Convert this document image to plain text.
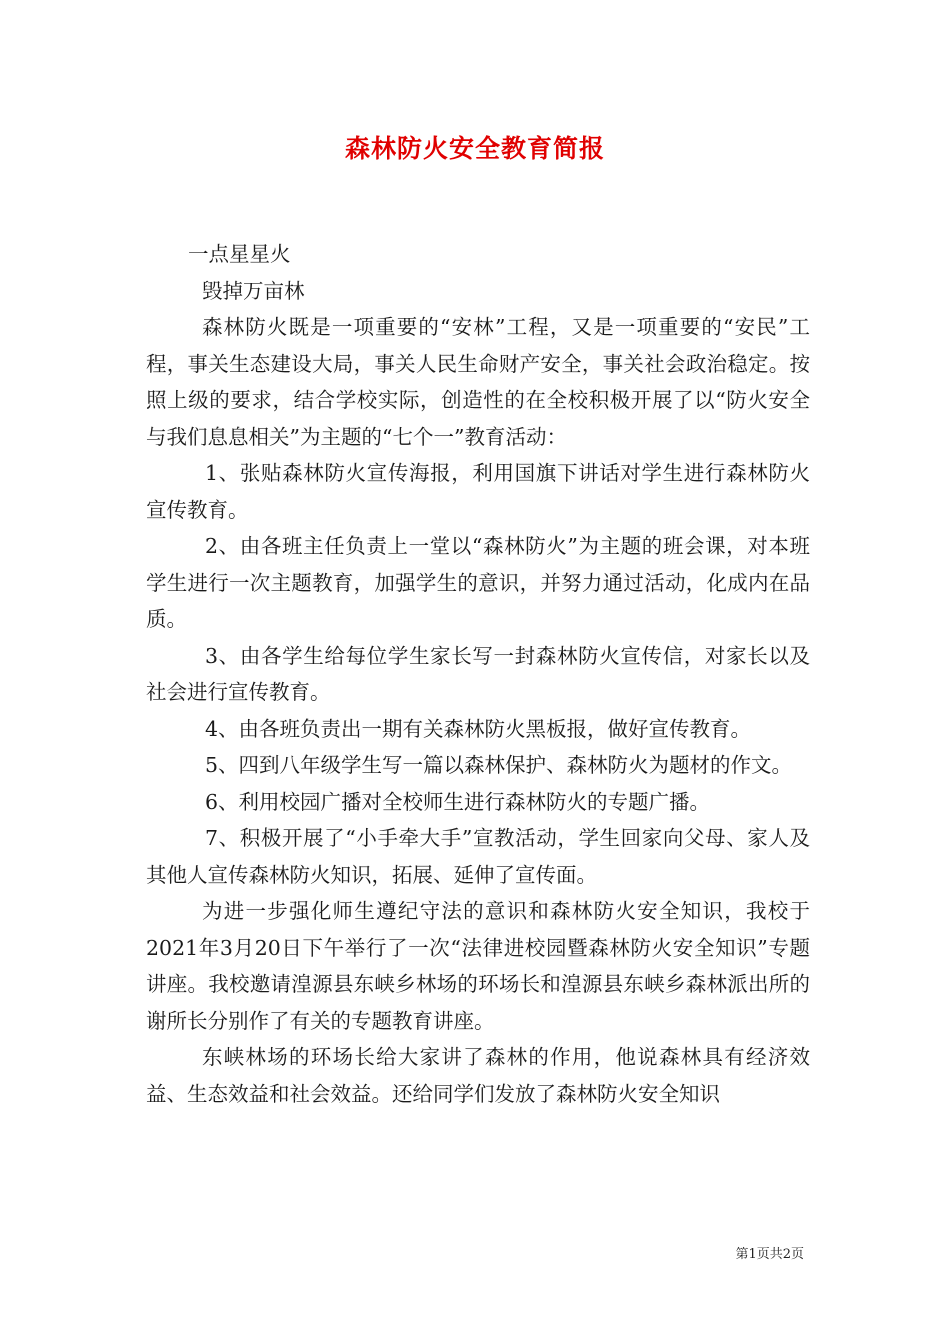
森林防火安全教育简报

一点星星火

毁掉万亩林

森林防火既是一项重要的“安林”工程，又是一项重要的“安民”工程，事关生态建设大局，事关人民生命财产安全，事关社会政治稳定。按照上级的要求，结合学校实际，创造性的在全校积极开展了以“防火安全与我们息息相关”为主题的“七个一”教育活动：

1、张贴森林防火宣传海报，利用国旗下讲话对学生进行森林防火宣传教育。

2、由各班主任负责上一堂以“森林防火”为主题的班会课，对本班学生进行一次主题教育，加强学生的意识，并努力通过活动，化成内在品质。

3、由各学生给每位学生家长写一封森林防火宣传信，对家长以及社会进行宣传教育。

4、由各班负责出一期有关森林防火黑板报，做好宣传教育。

5、四到八年级学生写一篇以森林保护、森林防火为题材的作文。

6、利用校园广播对全校师生进行森林防火的专题广播。

7、积极开展了“小手牵大手”宣教活动，学生回家向父母、家人及其他人宣传森林防火知识，拓展、延伸了宣传面。

为进一步强化师生遵纪守法的意识和森林防火安全知识，我校于2021年3月20日下午举行了一次“法律进校园暨森林防火安全知识”专题讲座。我校邀请湟源县东峡乡林场的环场长和湟源县东峡乡森林派出所的谢所长分别作了有关的专题教育讲座。

东峡林场的环场长给大家讲了森林的作用，他说森林具有经济效益、生态效益和社会效益。还给同学们发放了森林防火安全知识

第1页共2页
